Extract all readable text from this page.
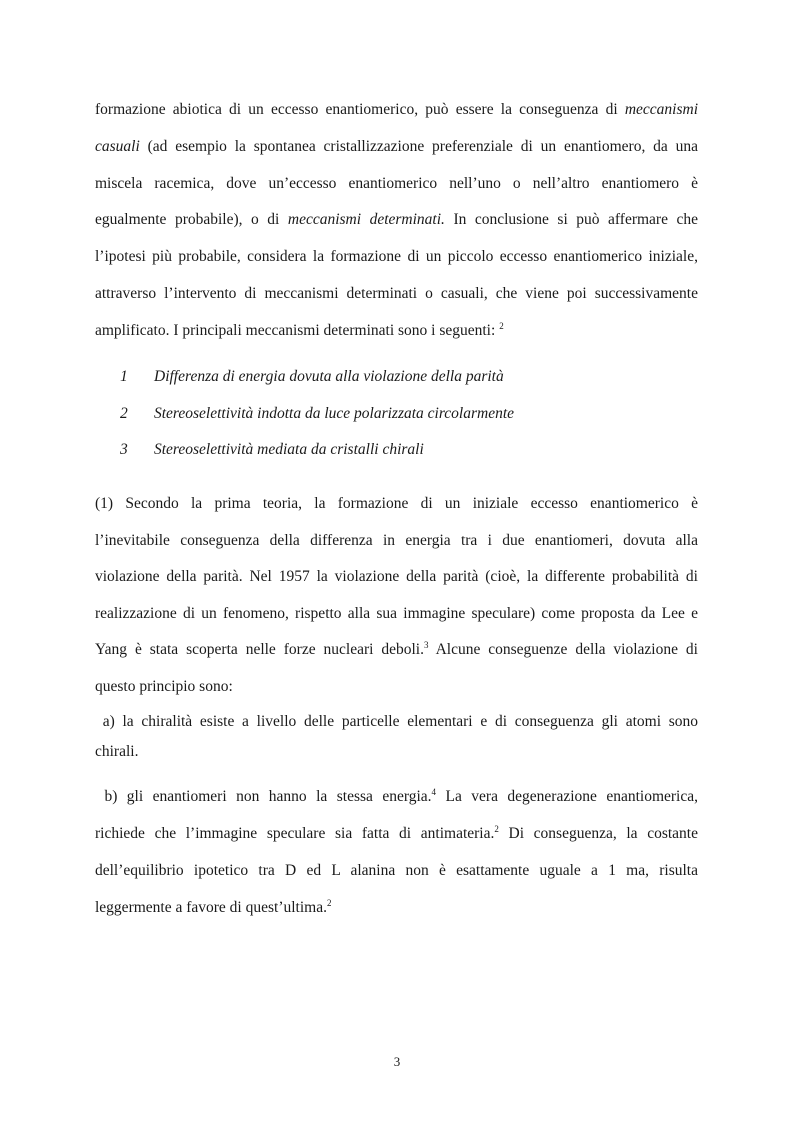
formazione abiotica di un eccesso enantiomerico, può essere la conseguenza di meccanismi
casuali (ad esempio la spontanea cristallizzazione preferenziale di un enantiomero, da una
miscela racemica, dove un’eccesso enantiomerico nell’uno o nell’altro enantiomero è
egualmente probabile), o di meccanismi determinati. In conclusione si può affermare che
l’ipotesi più probabile, considera la formazione di un piccolo eccesso enantiomerico iniziale,
attraverso l’intervento di meccanismi determinati o casuali, che viene poi successivamente
amplificato. I principali meccanismi determinati sono i seguenti: $^2$
1	Differenza di energia dovuta alla violazione della parità
2	Stereoselettività indotta da luce polarizzata circolarmente
3	Stereoselettività mediata da cristalli chirali
(1) Secondo la prima teoria, la formazione di un iniziale eccesso enantiomerico è
l’inevitabile conseguenza della differenza in energia tra i due enantiomeri, dovuta alla
violazione della parità. Nel 1957 la violazione della parità (cioè, la differente probabilità di
realizzazione di un fenomeno, rispetto alla sua immagine speculare) come proposta da Lee e
Yang è stata scoperta nelle forze nucleari deboli.$^3$ Alcune conseguenze della violazione di
questo principio sono:
a) la chiralità esiste a livello delle particelle elementari e di conseguenza gli atomi sono
chirali.
b) gli enantiomeri non hanno la stessa energia.$^4$ La vera degenerazione enantiomerica,
richiede che l’immagine speculare sia fatta di antimateria.$^2$ Di conseguenza, la costante
dell’equilibrio ipotetico tra D ed L alanina non è esattamente uguale a 1 ma, risulta
leggermente a favore di quest’ultima.$^2$
3
